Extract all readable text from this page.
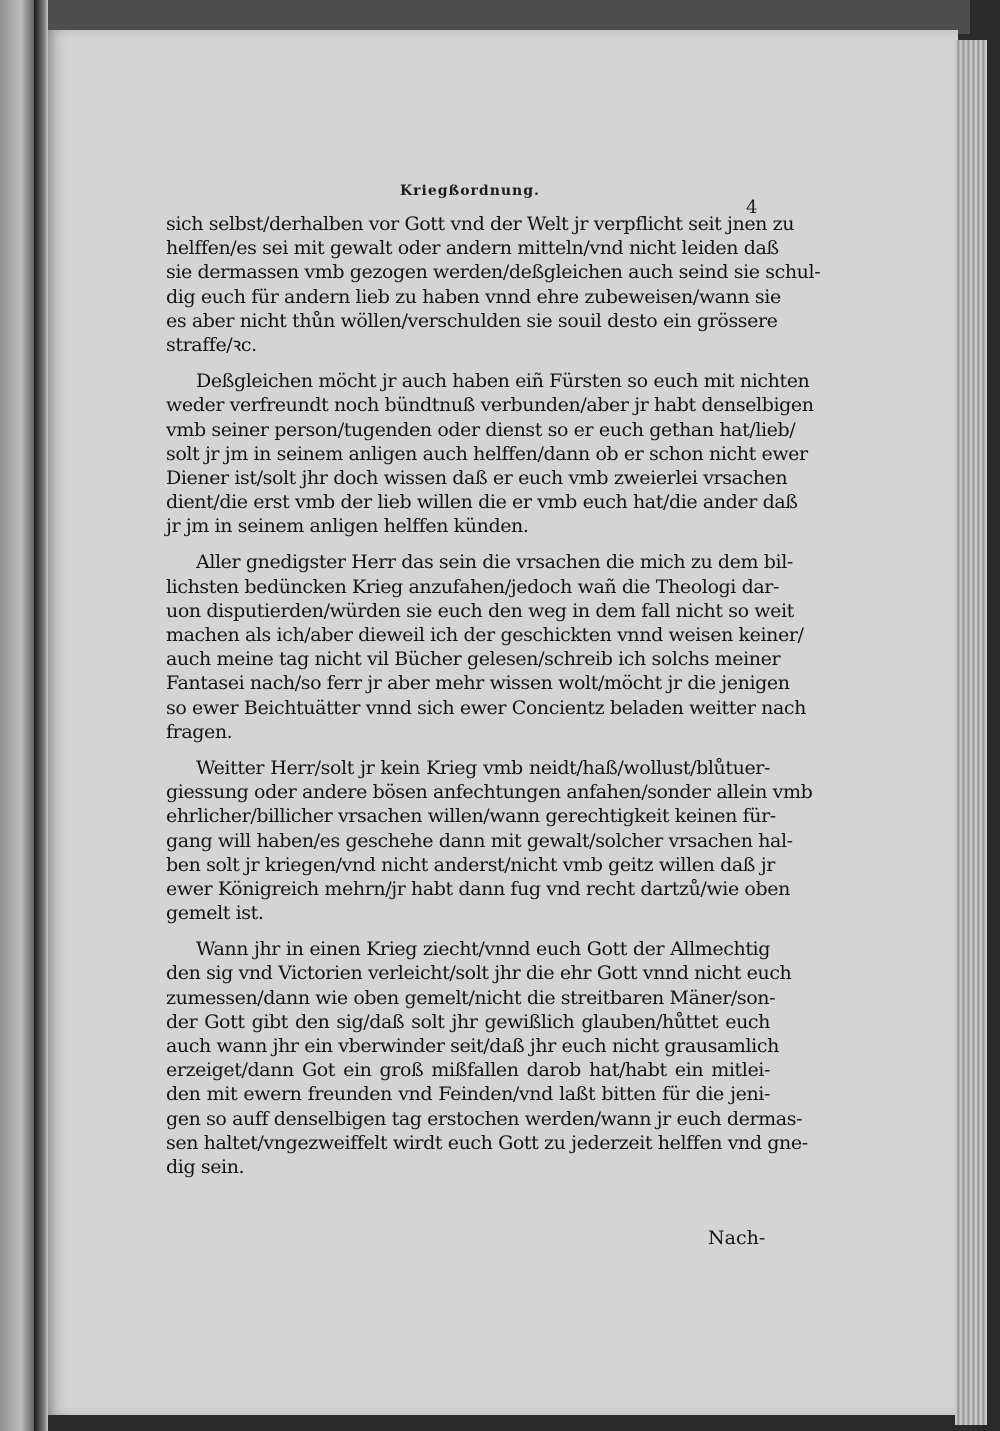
Kriegßordnung.
4
sich selbst/derhalben vor Gott vnd der Welt jr verpflicht seit jnen zu
helffen/es sei mit gewalt oder andern mitteln/vnd nicht leiden daß
sie dermassen vmb gezogen werden/deßgleichen auch seind sie schul-
dig euch für andern lieb zu haben vnnd ehre zubeweisen/wann sie
es aber nicht thůn wöllen/verschulden sie souil desto ein grössere
straffe/ꝛc.
Deßgleichen möcht jr auch haben eiñ Fürsten so euch mit nichten
weder verfreundt noch bündtnuß verbunden/aber jr habt denselbigen
vmb seiner person/tugenden oder dienst so er euch gethan hat/lieb/
solt jr jm in seinem anligen auch helffen/dann ob er schon nicht ewer
Diener ist/solt jhr doch wissen daß er euch vmb zweierlei vrsachen
dient/die erst vmb der lieb willen die er vmb euch hat/die ander daß
jr jm in seinem anligen helffen künden.
Aller gnedigster Herr das sein die vrsachen die mich zu dem bil-
lichsten bedüncken Krieg anzufahen/jedoch wañ die Theologi dar-
uon disputierden/würden sie euch den weg in dem fall nicht so weit
machen als ich/aber dieweil ich der geschickten vnnd weisen keiner/
auch meine tag nicht vil Bücher gelesen/schreib ich solchs meiner
Fantasei nach/so ferr jr aber mehr wissen wolt/möcht jr die jenigen
so ewer Beichtuätter vnnd sich ewer Concientz beladen weitter nach
fragen.
Weitter Herr/solt jr kein Krieg vmb neidt/haß/wollust/blůtuer-
giessung oder andere bösen anfechtungen anfahen/sonder allein vmb
ehrlicher/billicher vrsachen willen/wann gerechtigkeit keinen für-
gang will haben/es geschehe dann mit gewalt/solcher vrsachen hal-
ben solt jr kriegen/vnd nicht anderst/nicht vmb geitz willen daß jr
ewer Königreich mehrn/jr habt dann fug vnd recht dartzů/wie oben
gemelt ist.
Wann jhr in einen Krieg ziecht/vnnd euch Gott der Allmechtig
den sig vnd Victorien verleicht/solt jhr die ehr Gott vnnd nicht euch
zumessen/dann wie oben gemelt/nicht die streitbaren Mäner/son-
der Gott gibt den sig/daß solt jhr gewißlich glauben/hůttet euch
auch wann jhr ein vberwinder seit/daß jhr euch nicht grausamlich
erzeiget/dann Got ein groß mißfallen darob hat/habt ein mitlei-
den mit ewern freunden vnd Feinden/vnd laßt bitten für die jeni-
gen so auff denselbigen tag erstochen werden/wann jr euch dermas-
sen haltet/vngezweiffelt wirdt euch Gott zu jederzeit helffen vnd gne-
dig sein.
Nach-
